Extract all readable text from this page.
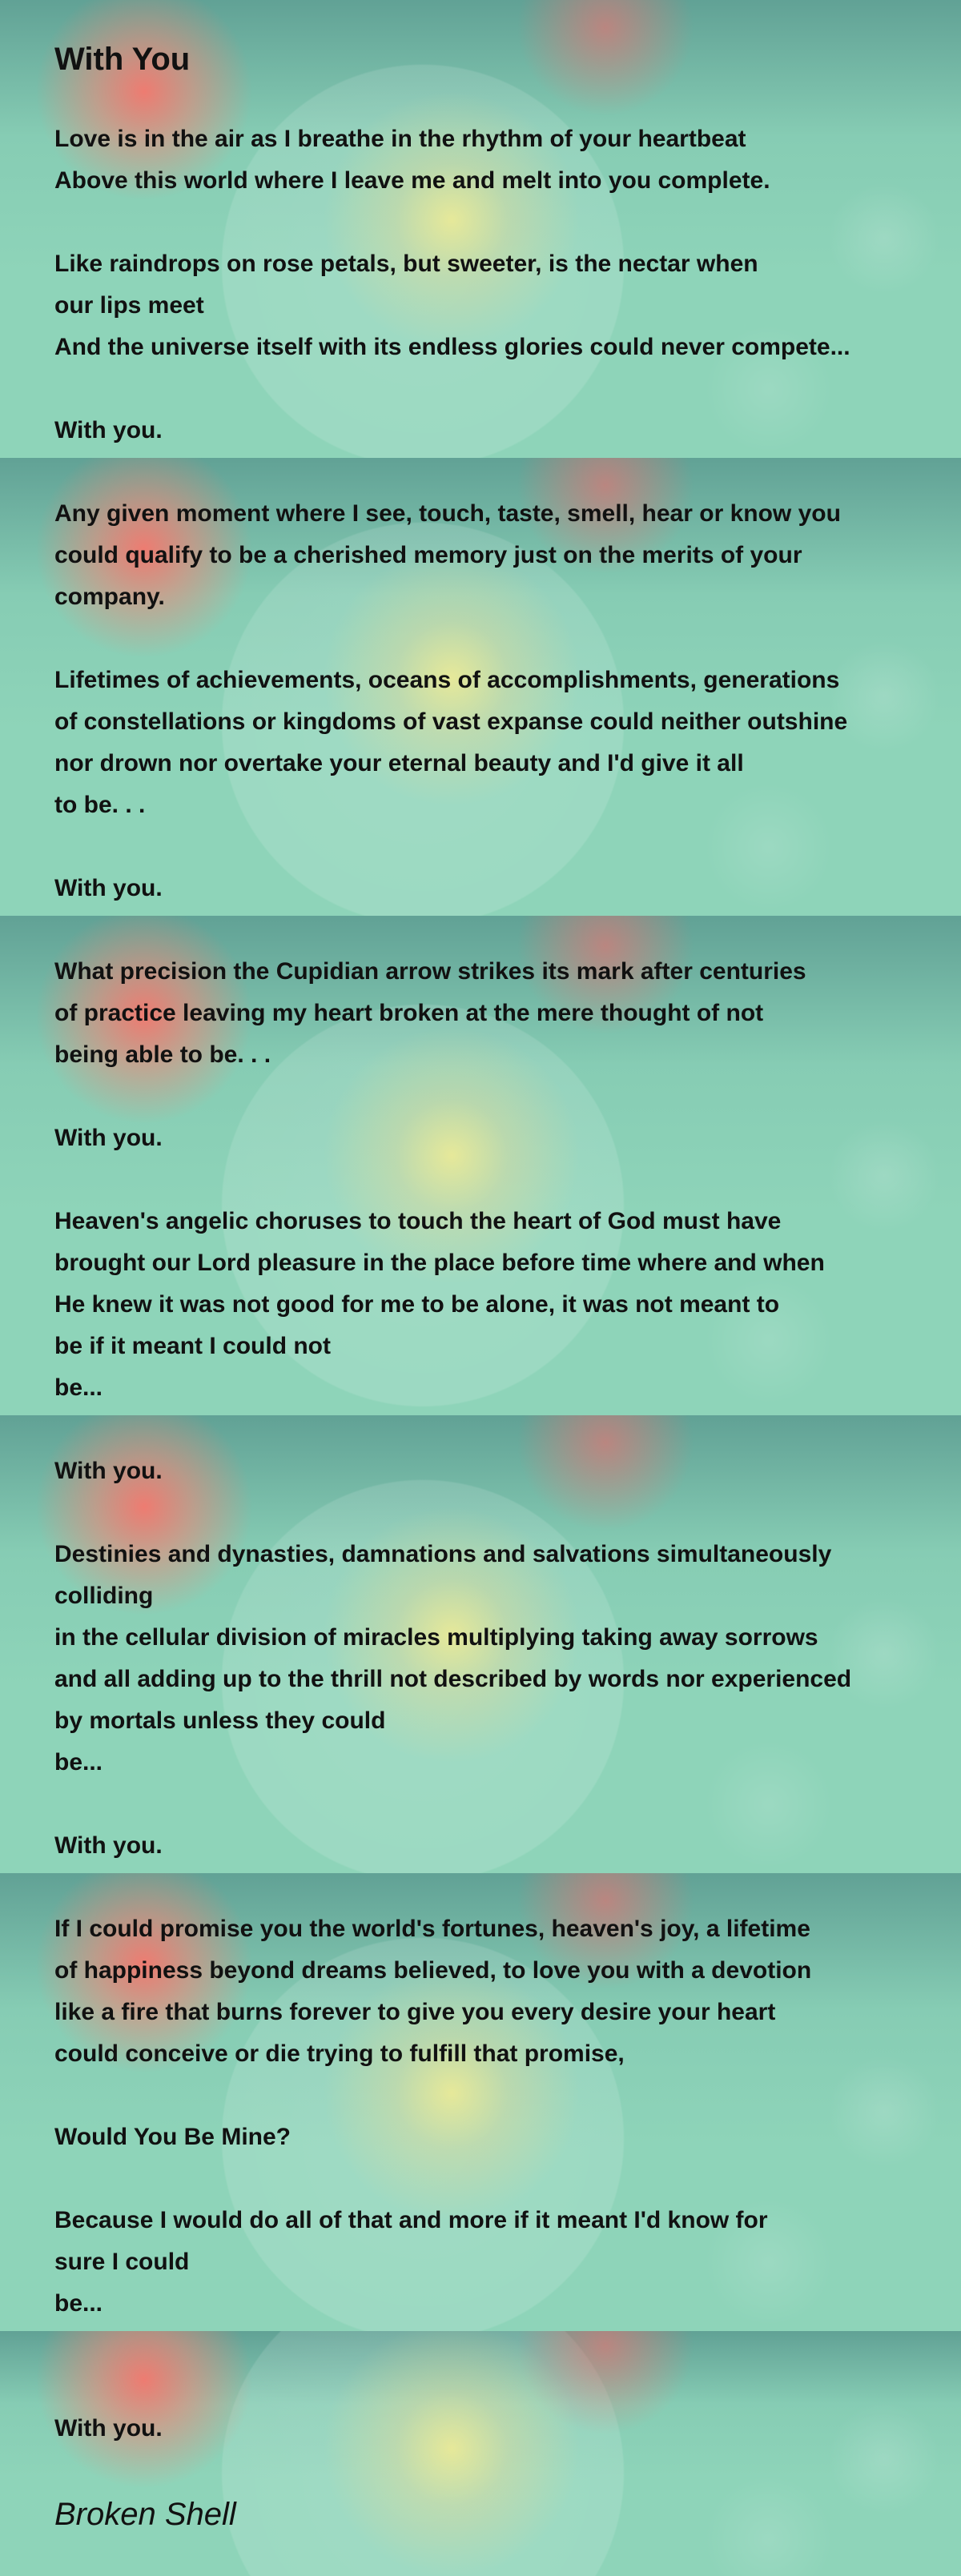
With You
Love is in the air as I breathe in the rhythm of your heartbeat
Above this world where I leave me and melt into you complete.
Like raindrops on rose petals, but sweeter, is the nectar when
our lips meet
And the universe itself with its endless glories could never compete...
With you.
Any given moment where I see, touch, taste, smell, hear or know you
could qualify to be a cherished memory just on the merits of your
company.
Lifetimes of achievements, oceans of accomplishments, generations
of constellations or kingdoms of vast expanse could neither outshine
nor drown nor overtake your eternal beauty and I'd give it all
to be. . .
With you.
What precision the Cupidian arrow strikes its mark after centuries
of practice leaving my heart broken at the mere thought of not
being able to be. . .
With you.
Heaven's angelic choruses to touch the heart of God must have
brought our Lord pleasure in the place before time where and when
He knew it was not good for me to be alone, it was not meant to
be if it meant I could not
be...
With you.
Destinies and dynasties, damnations and salvations simultaneously
colliding
in the cellular division of miracles multiplying taking away sorrows
and all adding up to the thrill not described by words nor experienced
by mortals unless they could
be...
With you.
If I could promise you the world's fortunes, heaven's joy, a lifetime
of happiness beyond dreams believed, to love you with a devotion
like a fire that burns forever to give you every desire your heart
could conceive or die trying to fulfill that promise,
Would You Be Mine?
Because I would do all of that and more if it meant I'd know for
sure I could
be...
With you.
Broken Shell
